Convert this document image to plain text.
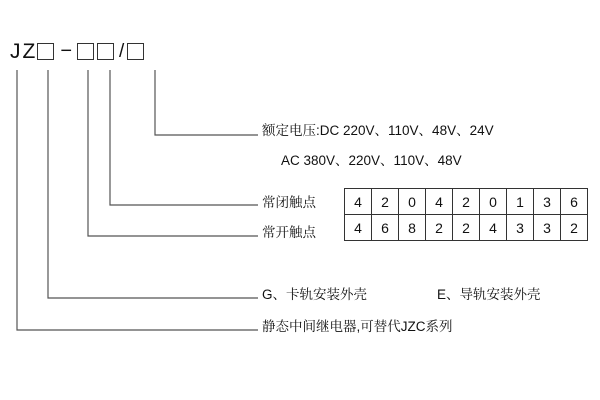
J Z − /
额定电压:DC 220V、110V、48V、24V
AC 380V、220V、110V、48V
常闭触点
常开触点
G、卡轨安装外壳	E、导轨安装外壳
静态中间继电器,可替代JZC系列
4	2	0	4	2	0	1	3	6
4	6	8	2	2	4	3	3	2
